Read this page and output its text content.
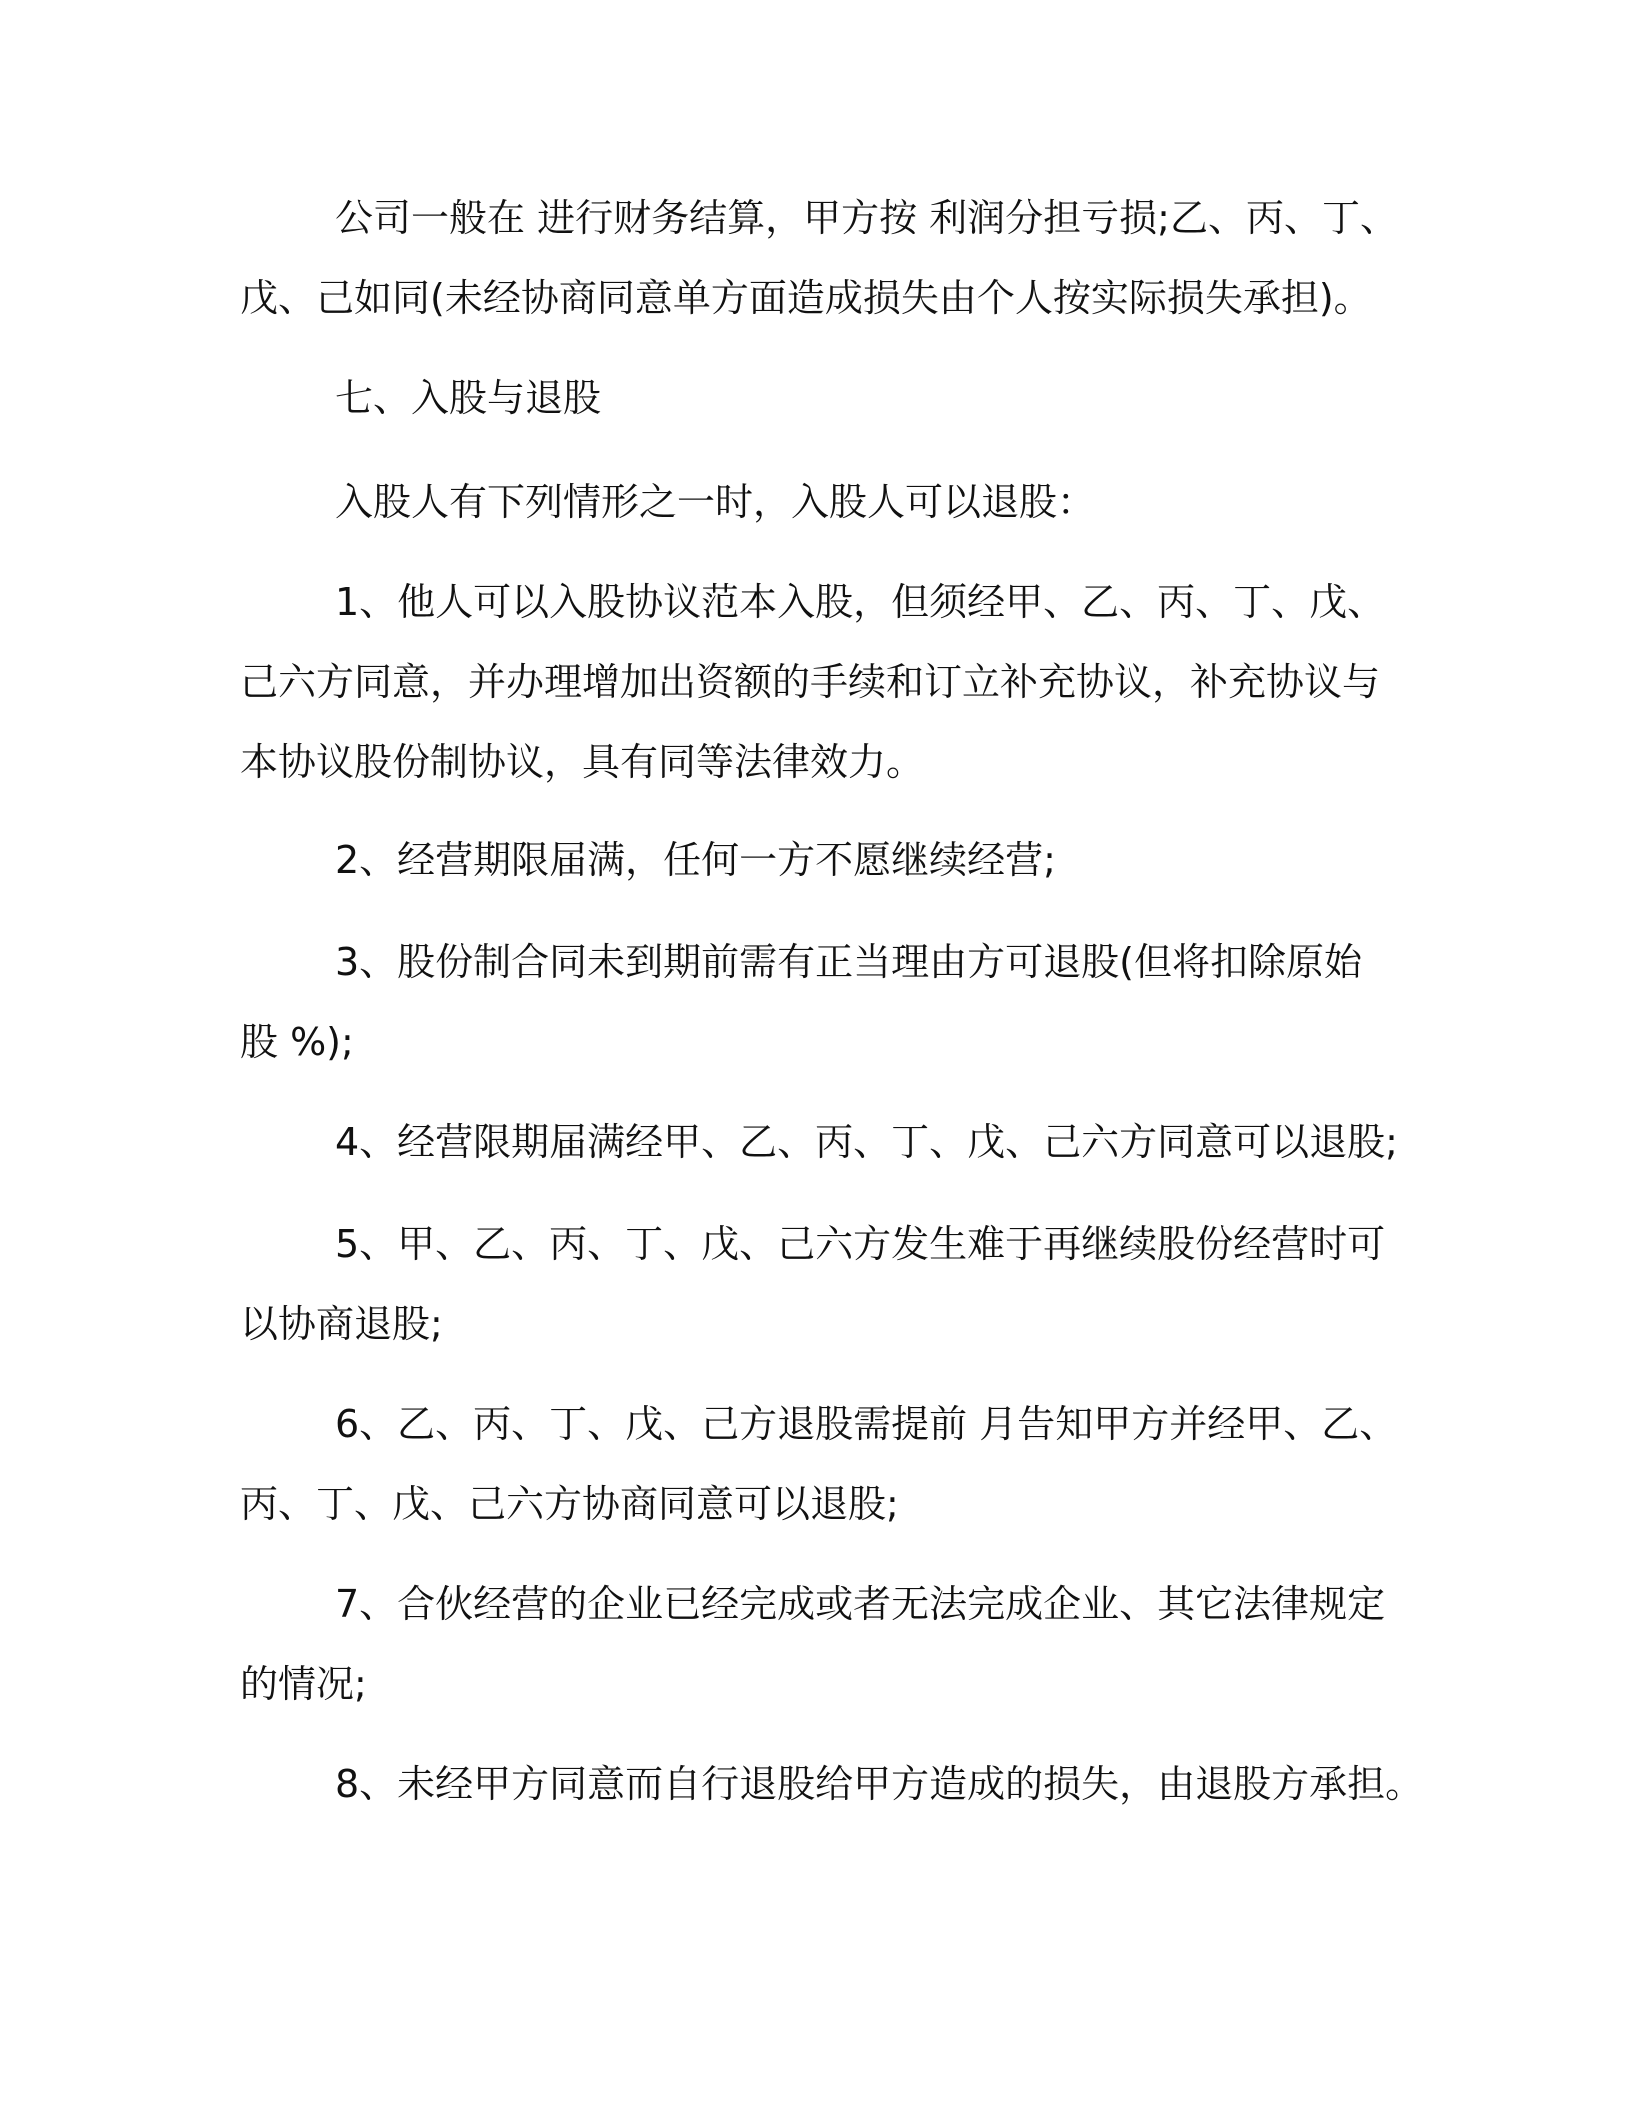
公司一般在 进行财务结算，甲方按 利润分担亏损;乙、丙、丁、
戊、己如同(未经协商同意单方面造成损失由个人按实际损失承担)。

七、入股与退股

入股人有下列情形之一时，入股人可以退股：

1、他人可以入股协议范本入股，但须经甲、乙、丙、丁、戊、
己六方同意，并办理增加出资额的手续和订立补充协议，补充协议与
本协议股份制协议，具有同等法律效力。

2、经营期限届满，任何一方不愿继续经营;

3、股份制合同未到期前需有正当理由方可退股(但将扣除原始
股 %);

4、经营限期届满经甲、乙、丙、丁、戊、己六方同意可以退股;

5、甲、乙、丙、丁、戊、己六方发生难于再继续股份经营时可
以协商退股;

6、乙、丙、丁、戊、己方退股需提前 月告知甲方并经甲、乙、
丙、丁、戊、己六方协商同意可以退股;

7、合伙经营的企业已经完成或者无法完成企业、其它法律规定
的情况;

8、未经甲方同意而自行退股给甲方造成的损失，由退股方承担。
